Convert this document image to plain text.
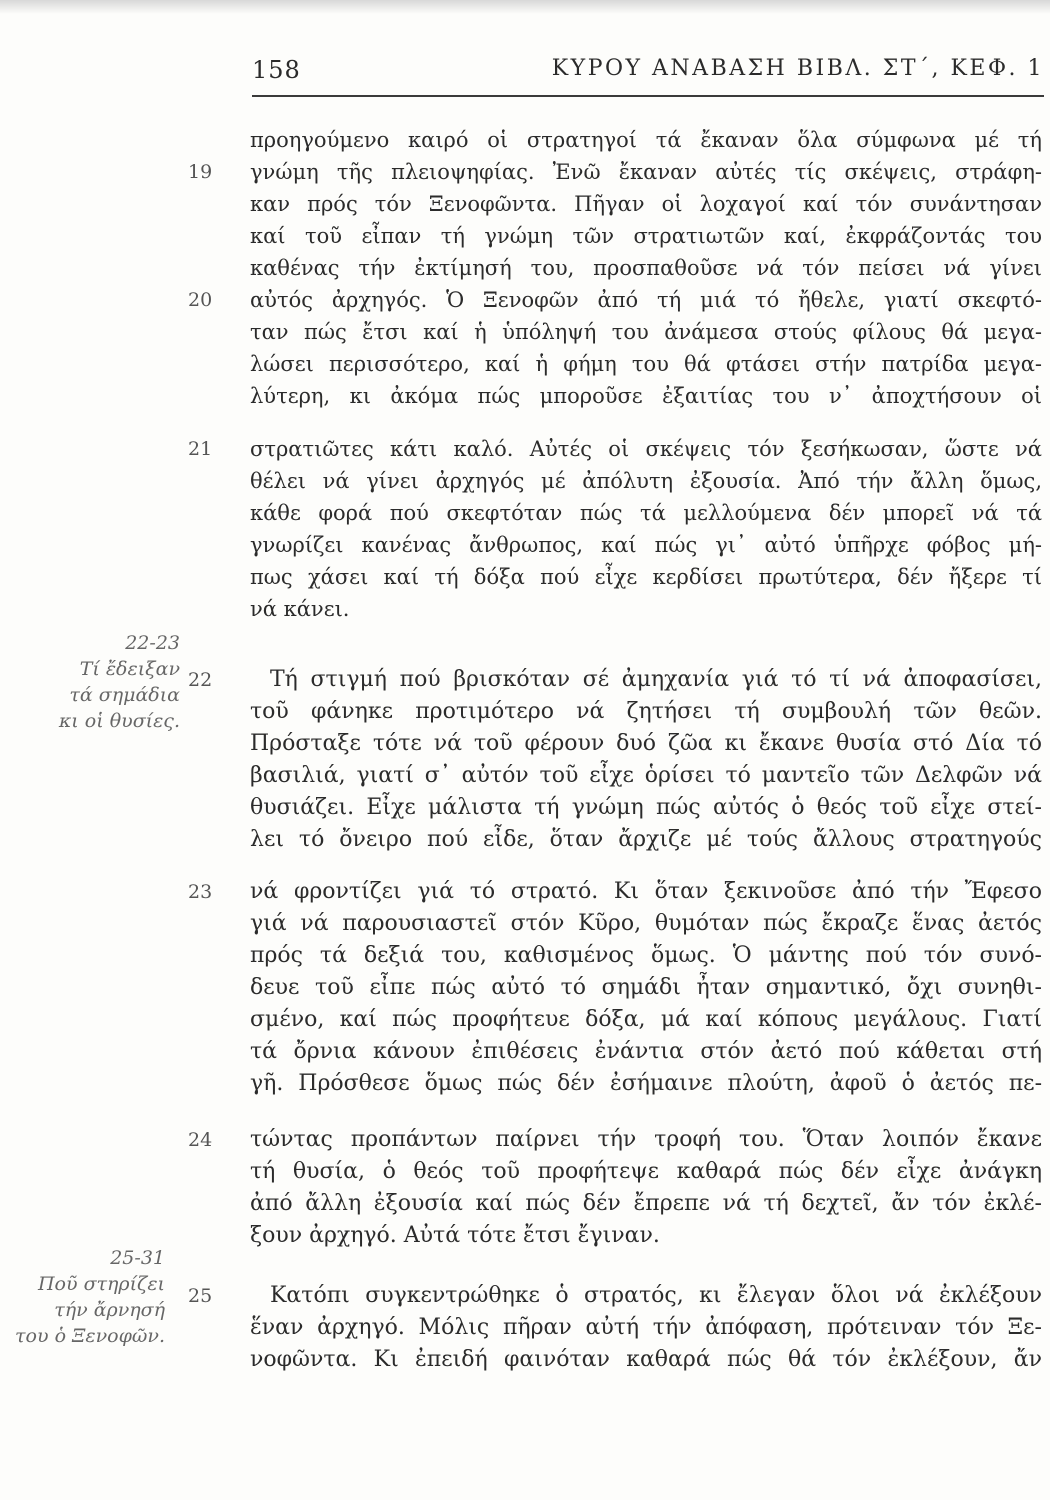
158	ΚΥΡΟΥ ΑΝΑΒΑΣΗ ΒΙΒΛ. ΣΤ΄, ΚΕΦ. 1
19
20
21
22
23
24
25
22-23
Τί ἔδειξαν
τά σημάδια
κι οἱ θυσίες.
25-31
Ποῦ στηρίζει
τήν ἄρνησή
του ὁ Ξενοφῶν.
προηγούμενο καιρό οἱ στρατηγοί τά ἔκαναν ὅλα σύμφωνα μέ τή
γνώμη τῆς πλειοψηφίας. Ἐνῶ ἔκαναν αὐτές τίς σκέψεις, στράφη-
καν πρός τόν Ξενοφῶντα. Πῆγαν οἱ λοχαγοί καί τόν συνάντησαν
καί τοῦ εἶπαν τή γνώμη τῶν στρατιωτῶν καί, ἐκφράζοντάς του
καθένας τήν ἐκτίμησή του, προσπαθοῦσε νά τόν πείσει νά γίνει
αὐτός ἀρχηγός. Ὁ Ξενοφῶν ἀπό τή μιά τό ἤθελε, γιατί σκεφτό-
ταν πώς ἔτσι καί ἡ ὑπόληψή του ἀνάμεσα στούς φίλους θά μεγα-
λώσει περισσότερο, καί ἡ φήμη του θά φτάσει στήν πατρίδα μεγα-
λύτερη, κι ἀκόμα πώς μποροῦσε ἐξαιτίας του ν᾽ ἀποχτήσουν οἱ
στρατιῶτες κάτι καλό. Αὐτές οἱ σκέψεις τόν ξεσήκωσαν, ὥστε νά
θέλει νά γίνει ἀρχηγός μέ ἀπόλυτη ἐξουσία. Ἀπό τήν ἄλλη ὅμως,
κάθε φορά πού σκεφτόταν πώς τά μελλούμενα δέν μπορεῖ νά τά
γνωρίζει κανένας ἄνθρωπος, καί πώς γι᾽ αὐτό ὑπῆρχε φόβος μή-
πως χάσει καί τή δόξα πού εἶχε κερδίσει πρωτύτερα, δέν ἤξερε τί
νά κάνει.
Τή στιγμή πού βρισκόταν σέ ἀμηχανία γιά τό τί νά ἀποφασίσει,
τοῦ φάνηκε προτιμότερο νά ζητήσει τή συμβουλή τῶν θεῶν.
Πρόσταξε τότε νά τοῦ φέρουν δυό ζῶα κι ἔκανε θυσία στό Δία τό
βασιλιά, γιατί σ᾽ αὐτόν τοῦ εἶχε ὁρίσει τό μαντεῖο τῶν Δελφῶν νά
θυσιάζει. Εἶχε μάλιστα τή γνώμη πώς αὐτός ὁ θεός τοῦ εἶχε στεί-
λει τό ὄνειρο πού εἶδε, ὅταν ἄρχιζε μέ τούς ἄλλους στρατηγούς
νά φροντίζει γιά τό στρατό. Κι ὅταν ξεκινοῦσε ἀπό τήν Ἔφεσο
γιά νά παρουσιαστεῖ στόν Κῦρο, θυμόταν πώς ἔκραζε ἕνας ἀετός
πρός τά δεξιά του, καθισμένος ὅμως. Ὁ μάντης πού τόν συνό-
δευε τοῦ εἶπε πώς αὐτό τό σημάδι ἦταν σημαντικό, ὄχι συνηθι-
σμένο, καί πώς προφήτευε δόξα, μά καί κόπους μεγάλους. Γιατί
τά ὄρνια κάνουν ἐπιθέσεις ἐνάντια στόν ἀετό πού κάθεται στή
γῆ. Πρόσθεσε ὅμως πώς δέν ἐσήμαινε πλούτη, ἀφοῦ ὁ ἀετός πε-
τώντας προπάντων παίρνει τήν τροφή του. Ὅταν λοιπόν ἔκανε
τή θυσία, ὁ θεός τοῦ προφήτεψε καθαρά πώς δέν εἶχε ἀνάγκη
ἀπό ἄλλη ἐξουσία καί πώς δέν ἔπρεπε νά τή δεχτεῖ, ἄν τόν ἐκλέ-
ξουν ἀρχηγό. Αὐτά τότε ἔτσι ἔγιναν.
Κατόπι συγκεντρώθηκε ὁ στρατός, κι ἔλεγαν ὅλοι νά ἐκλέξουν
ἕναν ἀρχηγό. Μόλις πῆραν αὐτή τήν ἀπόφαση, πρότειναν τόν Ξε-
νοφῶντα. Κι ἐπειδή φαινόταν καθαρά πώς θά τόν ἐκλέξουν, ἄν
